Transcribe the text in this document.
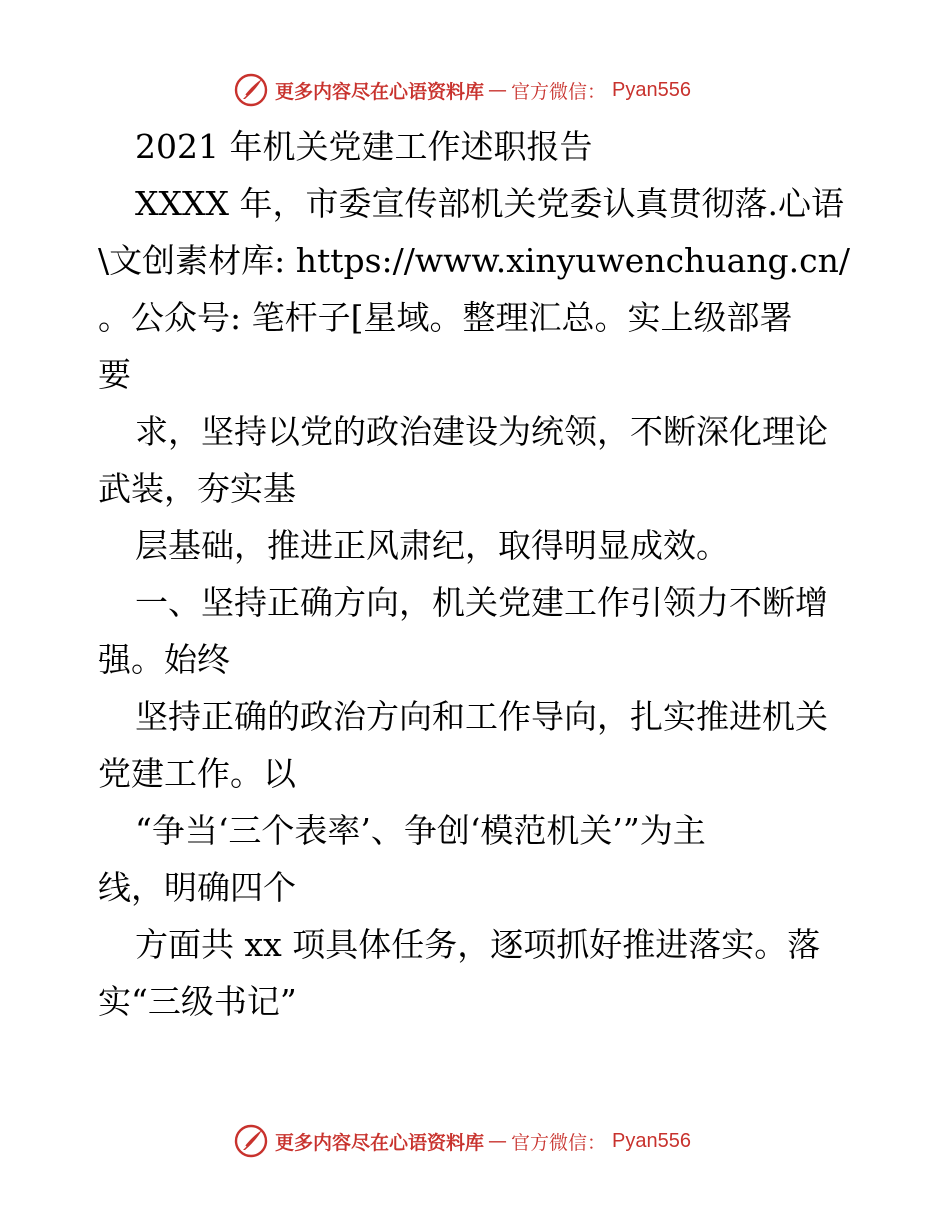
更多内容尽在心语资料库 — 官方微信： Pyan556
2021 年机关党建工作述职报告
XXXX 年，市委宣传部机关党委认真贯彻落.心语
\文创素材库: https://www.xinyuwenchuang.cn/
。公众号: 笔杆子[星域。整理汇总。实上级部署
要
求，坚持以党的政治建设为统领，不断深化理论
武装，夯实基
层基础，推进正风肃纪，取得明显成效。
一、坚持正确方向，机关党建工作引领力不断增
强。始终
坚持正确的政治方向和工作导向，扎实推进机关
党建工作。以
“争当‘三个表率’、争创‘模范机关’”为主
线，明确四个
方面共 xx 项具体任务，逐项抓好推进落实。落
实“三级书记”
更多内容尽在心语资料库 — 官方微信： Pyan556
